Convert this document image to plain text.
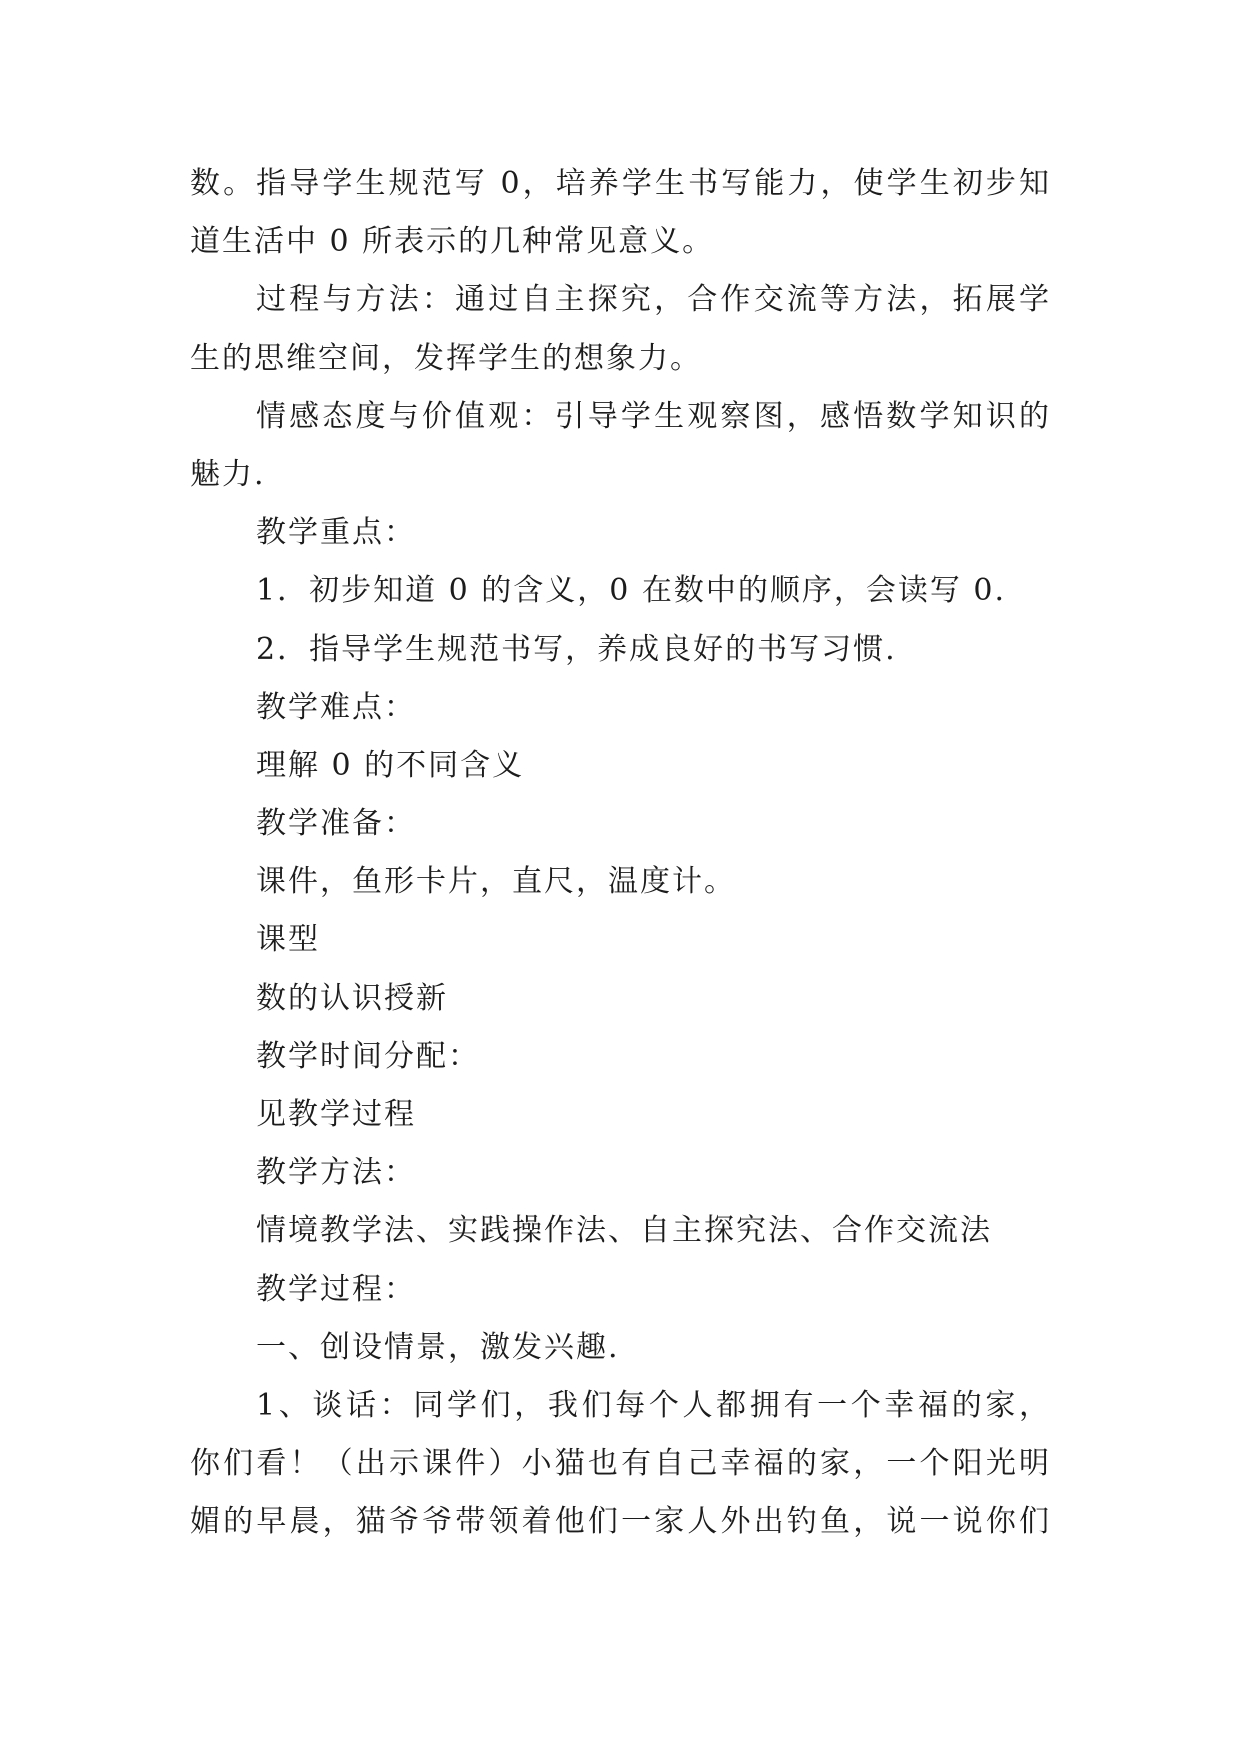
数。指导学生规范写 0，培养学生书写能力，使学生初步知
道生活中 0 所表示的几种常见意义。
过程与方法：通过自主探究，合作交流等方法，拓展学
生的思维空间，发挥学生的想象力。
情感态度与价值观：引导学生观察图，感悟数学知识的
魅力.
教学重点：
1．初步知道 0 的含义，0 在数中的顺序，会读写 0.
2．指导学生规范书写，养成良好的书写习惯.
教学难点：
理解 0 的不同含义
教学准备：
课件，鱼形卡片，直尺，温度计。
课型
数的认识授新
教学时间分配：
见教学过程
教学方法：
情境教学法、实践操作法、自主探究法、合作交流法
教学过程：
一、创设情景，激发兴趣.
1、谈话：同学们，我们每个人都拥有一个幸福的家，
你们看！（出示课件）小猫也有自己幸福的家，一个阳光明
媚的早晨，猫爷爷带领着他们一家人外出钓鱼，说一说你们
